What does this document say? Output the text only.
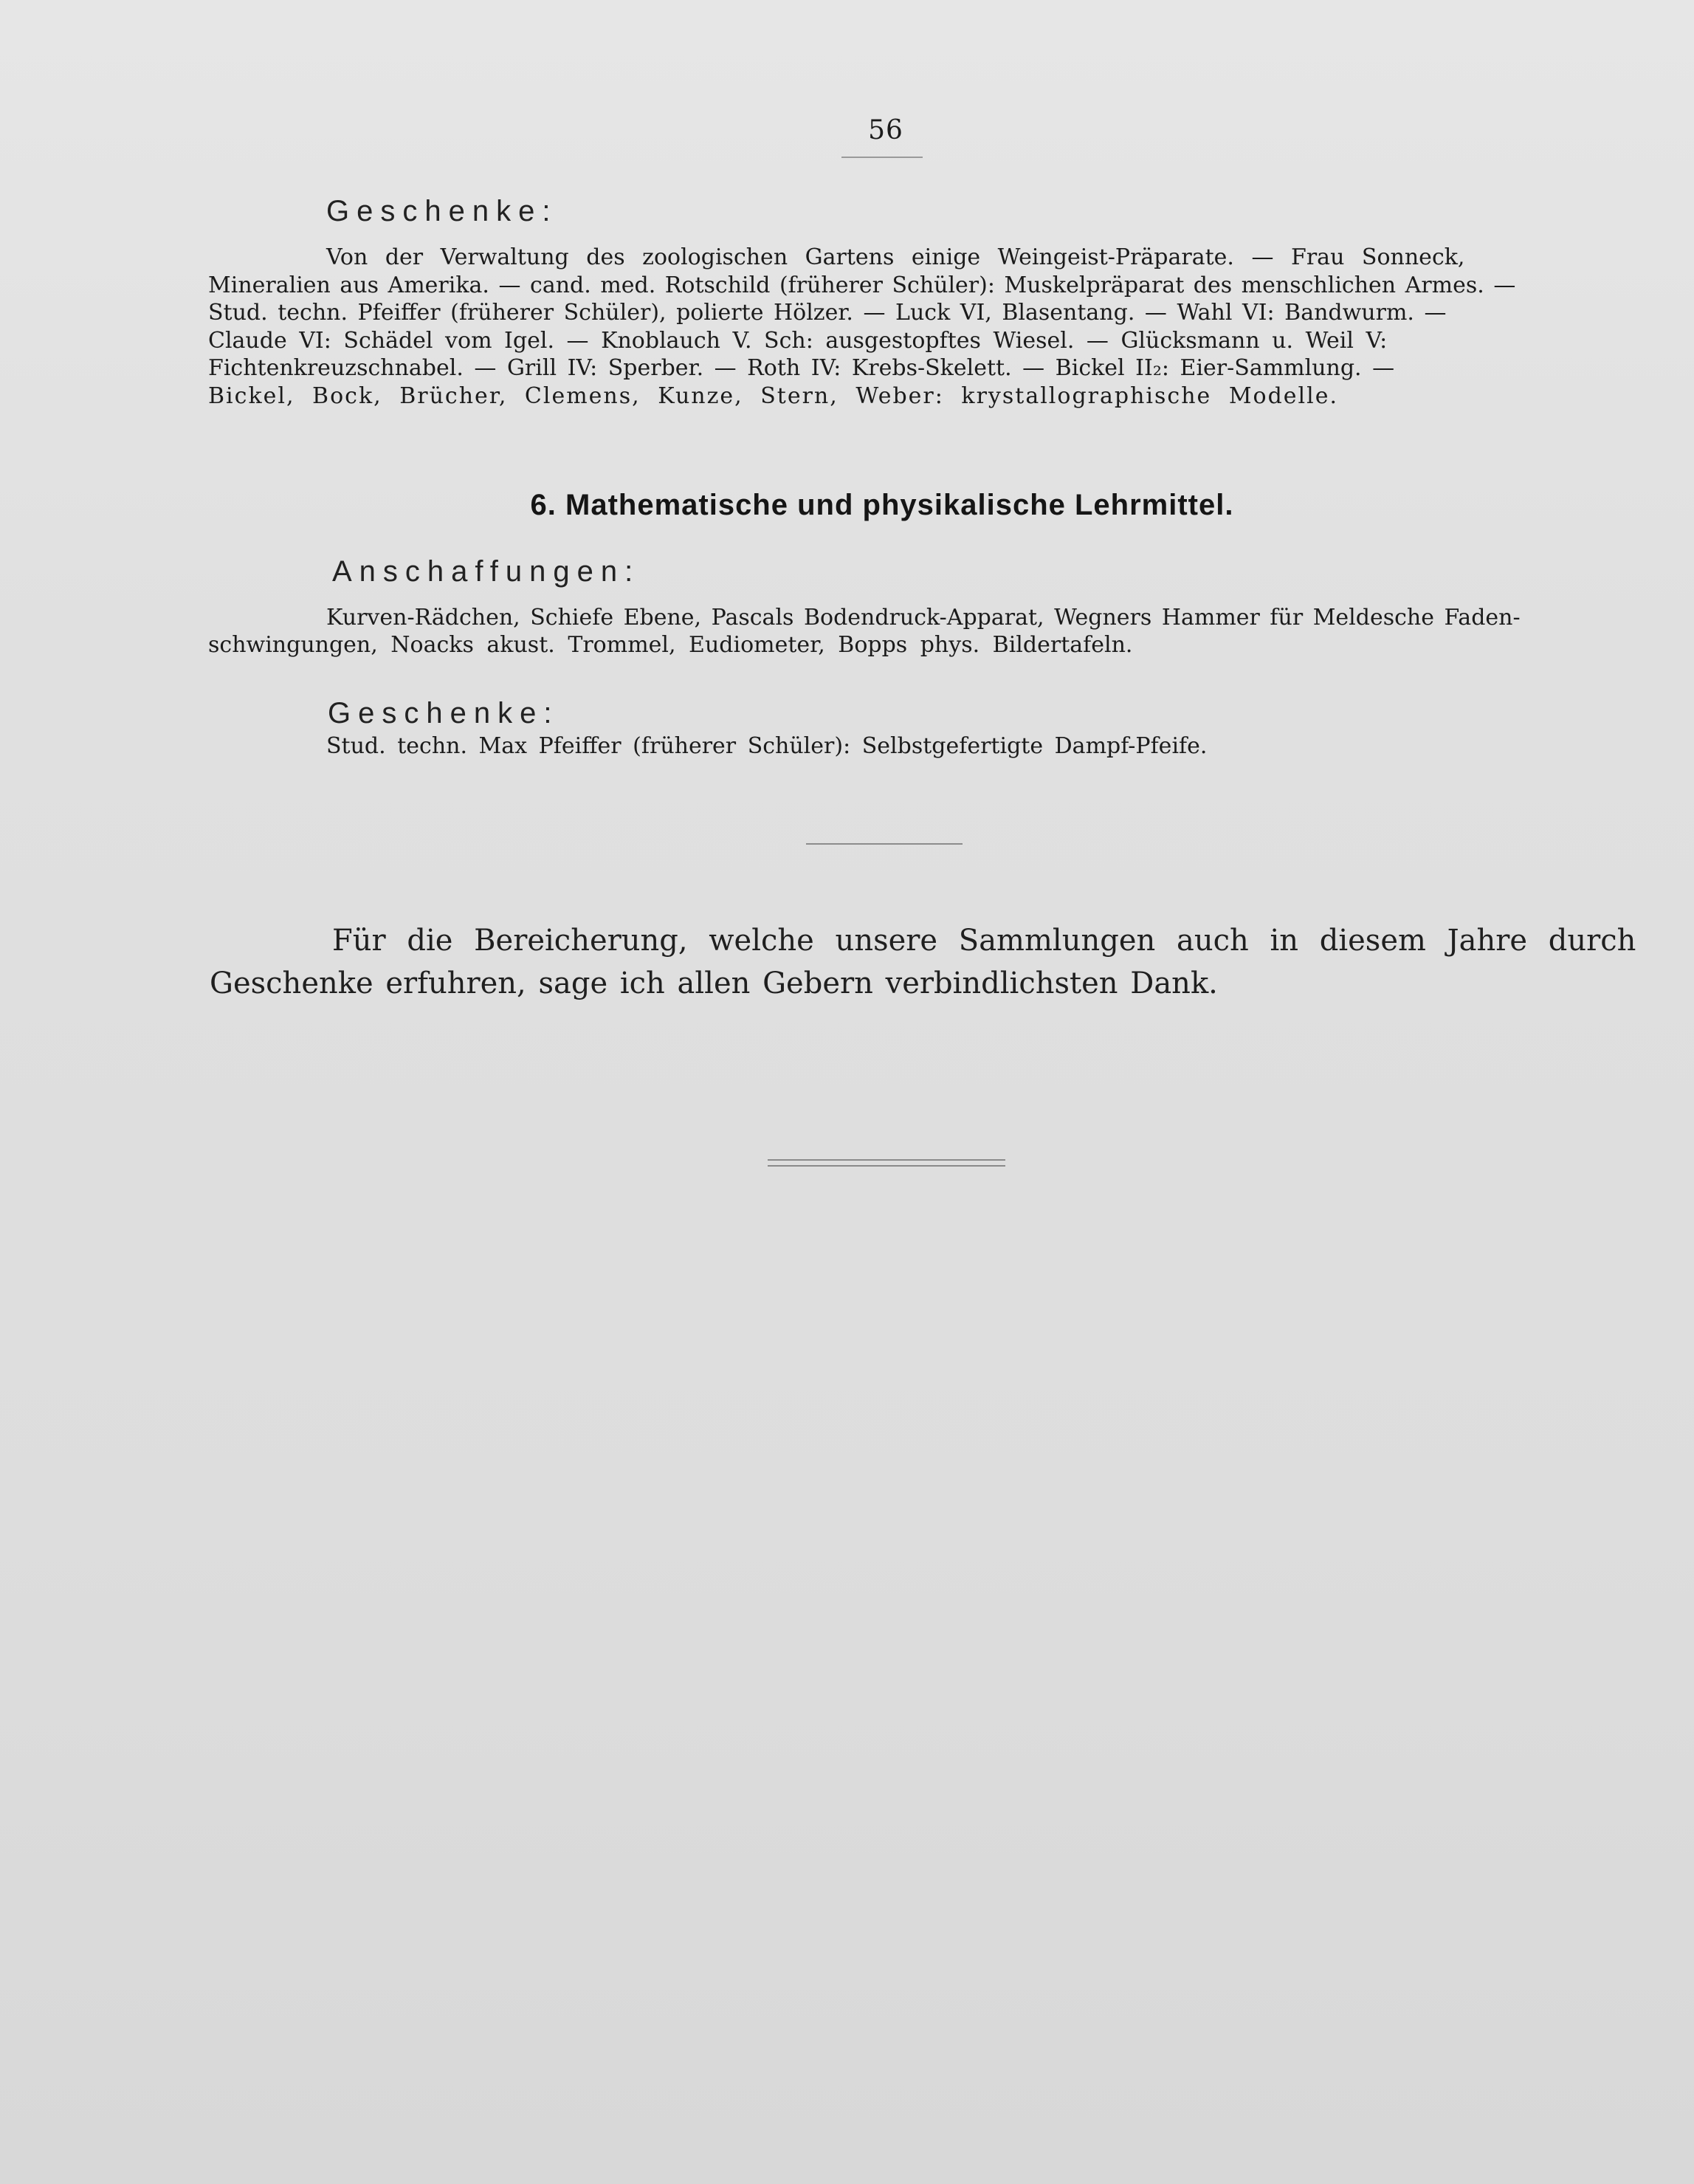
56
Geschenke:
Von der Verwaltung des zoologischen Gartens einige Weingeist-Präparate. — Frau Sonneck,
Mineralien aus Amerika. — cand. med. Rotschild (früherer Schüler): Muskelpräparat des menschlichen Armes. —
Stud. techn. Pfeiffer (früherer Schüler), polierte Hölzer. — Luck VI, Blasentang. — Wahl VI: Bandwurm. —
Claude VI: Schädel vom Igel. — Knoblauch V. Sch: ausgestopftes Wiesel. — Glücksmann u. Weil V:
Fichtenkreuzschnabel. — Grill IV: Sperber. — Roth IV: Krebs-Skelett. — Bickel II₂: Eier-Sammlung. —
Bickel, Bock, Brücher, Clemens, Kunze, Stern, Weber: krystallographische Modelle.
6. Mathematische und physikalische Lehrmittel.
Anschaffungen:
Kurven-Rädchen, Schiefe Ebene, Pascals Bodendruck-Apparat, Wegners Hammer für Meldesche Faden-
schwingungen, Noacks akust. Trommel, Eudiometer, Bopps phys. Bildertafeln.
Geschenke:
Stud. techn. Max Pfeiffer (früherer Schüler): Selbstgefertigte Dampf-Pfeife.
Für die Bereicherung, welche unsere Sammlungen auch in diesem Jahre durch
Geschenke erfuhren, sage ich allen Gebern verbindlichsten Dank.
